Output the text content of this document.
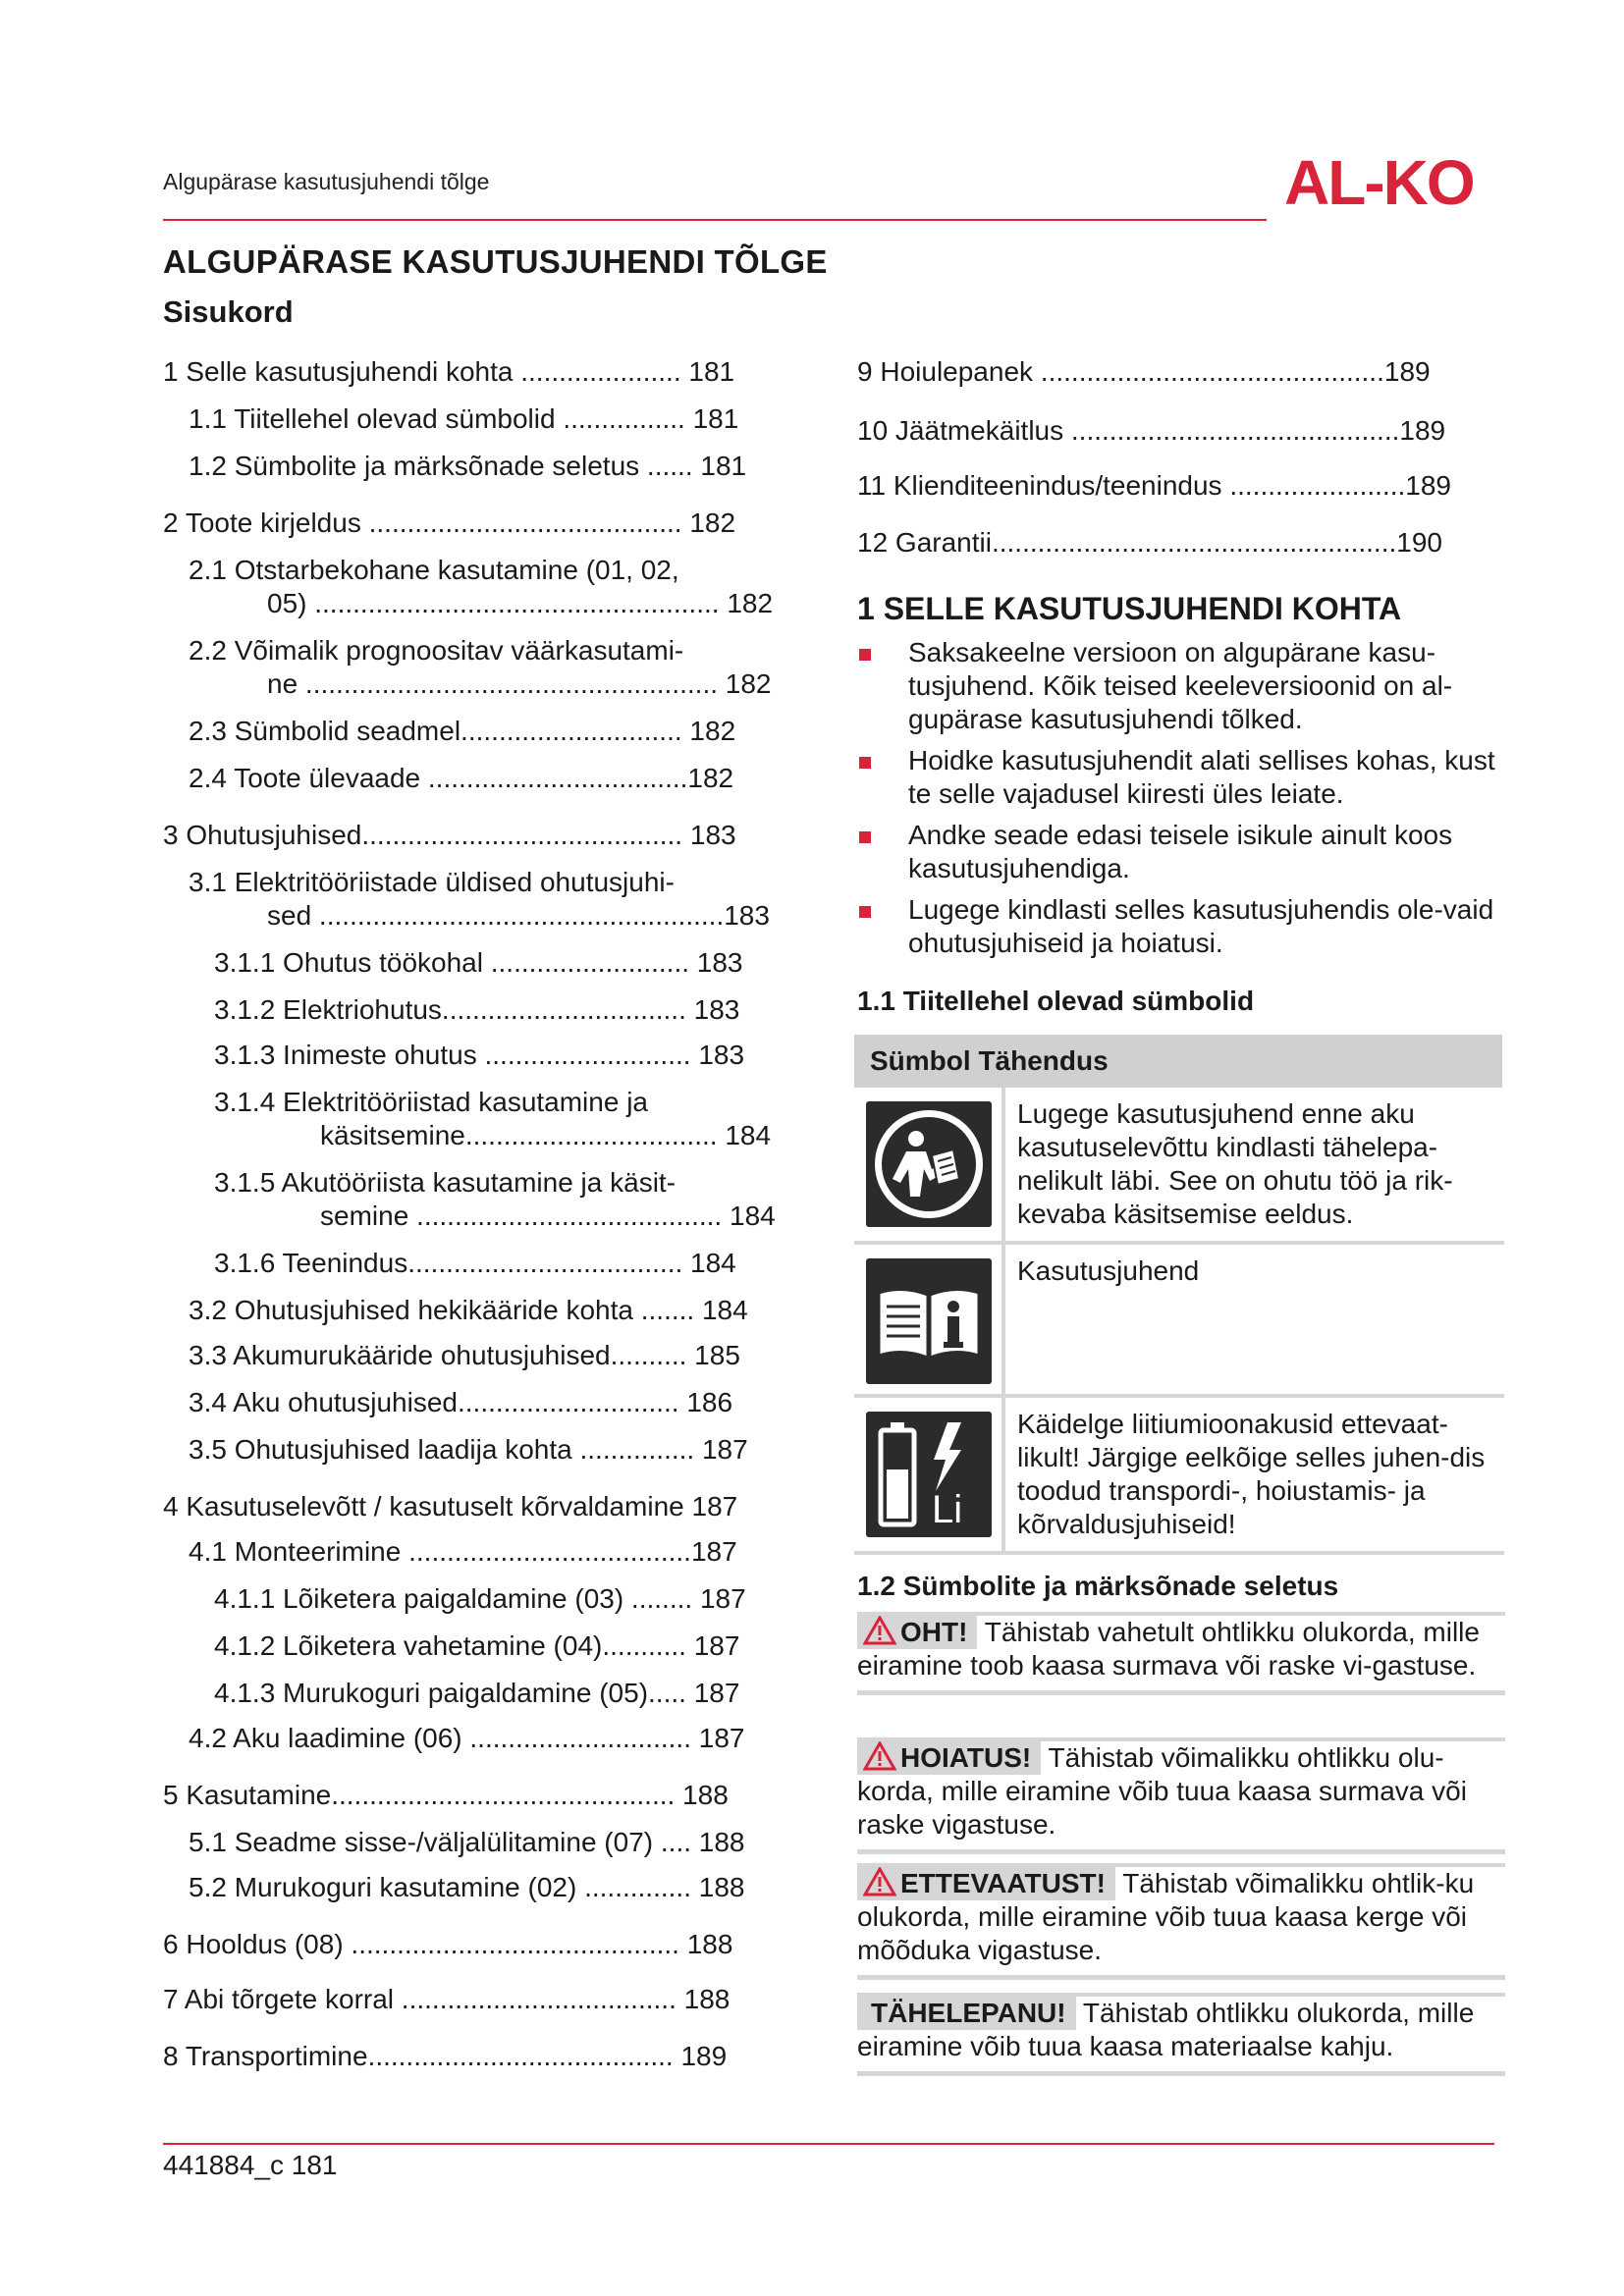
Algupärase kasutusjuhendi tõlge	AL-KO
ALGUPÄRASE KASUTUSJUHENDI TÕLGE
Sisukord
1 Selle kasutusjuhendi kohta ..................... 181
1.1 Tiitellehel olevad sümbolid ................ 181
1.2 Sümbolite ja märksõnade seletus ...... 181
2 Toote kirjeldus ......................................... 182
2.1 Otstarbekohane kasutamine (01, 02,
05) ..................................................... 182
2.2 Võimalik prognoositav väärkasutami-
ne ...................................................... 182
2.3 Sümbolid seadmel............................. 182
2.4 Toote ülevaade ..................................182
3 Ohutusjuhised.......................................... 183
3.1 Elektritööriistade üldised ohutusjuhi-
sed .....................................................183
3.1.1 Ohutus töökohal .......................... 183
3.1.2 Elektriohutus................................ 183
3.1.3 Inimeste ohutus ........................... 183
3.1.4 Elektritööriistad kasutamine ja
käsitsemine................................. 184
3.1.5 Akutööriista kasutamine ja käsit-
semine ........................................ 184
3.1.6 Teenindus.................................... 184
3.2 Ohutusjuhised hekikääride kohta ....... 184
3.3 Akumurukääride ohutusjuhised.......... 185
3.4 Aku ohutusjuhised............................. 186
3.5 Ohutusjuhised laadija kohta ............... 187
4 Kasutuselevõtt / kasutuselt kõrvaldamine 187
4.1 Monteerimine .....................................187
4.1.1 Lõiketera paigaldamine (03) ........ 187
4.1.2 Lõiketera vahetamine (04)........... 187
4.1.3 Murukoguri paigaldamine (05)..... 187
4.2 Aku laadimine (06) ............................. 187
5 Kasutamine............................................. 188
5.1 Seadme sisse-/väljalülitamine (07) .... 188
5.2 Murukoguri kasutamine (02) .............. 188
6 Hooldus (08) ........................................... 188
7 Abi tõrgete korral .................................... 188
8 Transportimine........................................ 189
9 Hoiulepanek .............................................189
10 Jäätmekäitlus ...........................................189
11 Klienditeenindus/teenindus .......................189
12 Garantii.....................................................190
1 SELLE KASUTUSJUHENDI KOHTA
Saksakeelne versioon on algupärane kasu-tusjuhend. Kõik teised keeleversioonid on al-gupärase kasutusjuhendi tõlked.
Hoidke kasutusjuhendit alati sellises kohas, kust te selle vajadusel kiiresti üles leiate.
Andke seade edasi teisele isikule ainult koos kasutusjuhendiga.
Lugege kindlasti selles kasutusjuhendis ole-vaid ohutusjuhiseid ja hoiatusi.
1.1 Tiitellehel olevad sümbolid
Sümbol Tähendus	

	Lugege kasutusjuhend enne aku kasutuselevõttu kindlasti tähelepa-nelikult läbi. See on ohutu töö ja rik-kevaba käsitsemise eeldus.

	Kasutusjuhend

Li	Käidelge liitiumioonakusid ettevaat-likult! Järgige eelkõige selles juhen-dis toodud transpordi-, hoiustamis- ja kõrvaldusjuhiseid!
1.2 Sümbolite ja märksõnade seletus
OHT! Tähistab vahetult ohtlikku olukorda, mille eiramine toob kaasa surmava või raske vi-gastuse.
HOIATUS! Tähistab võimalikku ohtlikku olu-korda, mille eiramine võib tuua kaasa surmava või raske vigastuse.
ETTEVAATUST! Tähistab võimalikku ohtlik-ku olukorda, mille eiramine võib tuua kaasa kerge või mõõduka vigastuse.
TÄHELEPANU! Tähistab ohtlikku olukorda, mille eiramine võib tuua kaasa materiaalse kahju.
441884_c 181
